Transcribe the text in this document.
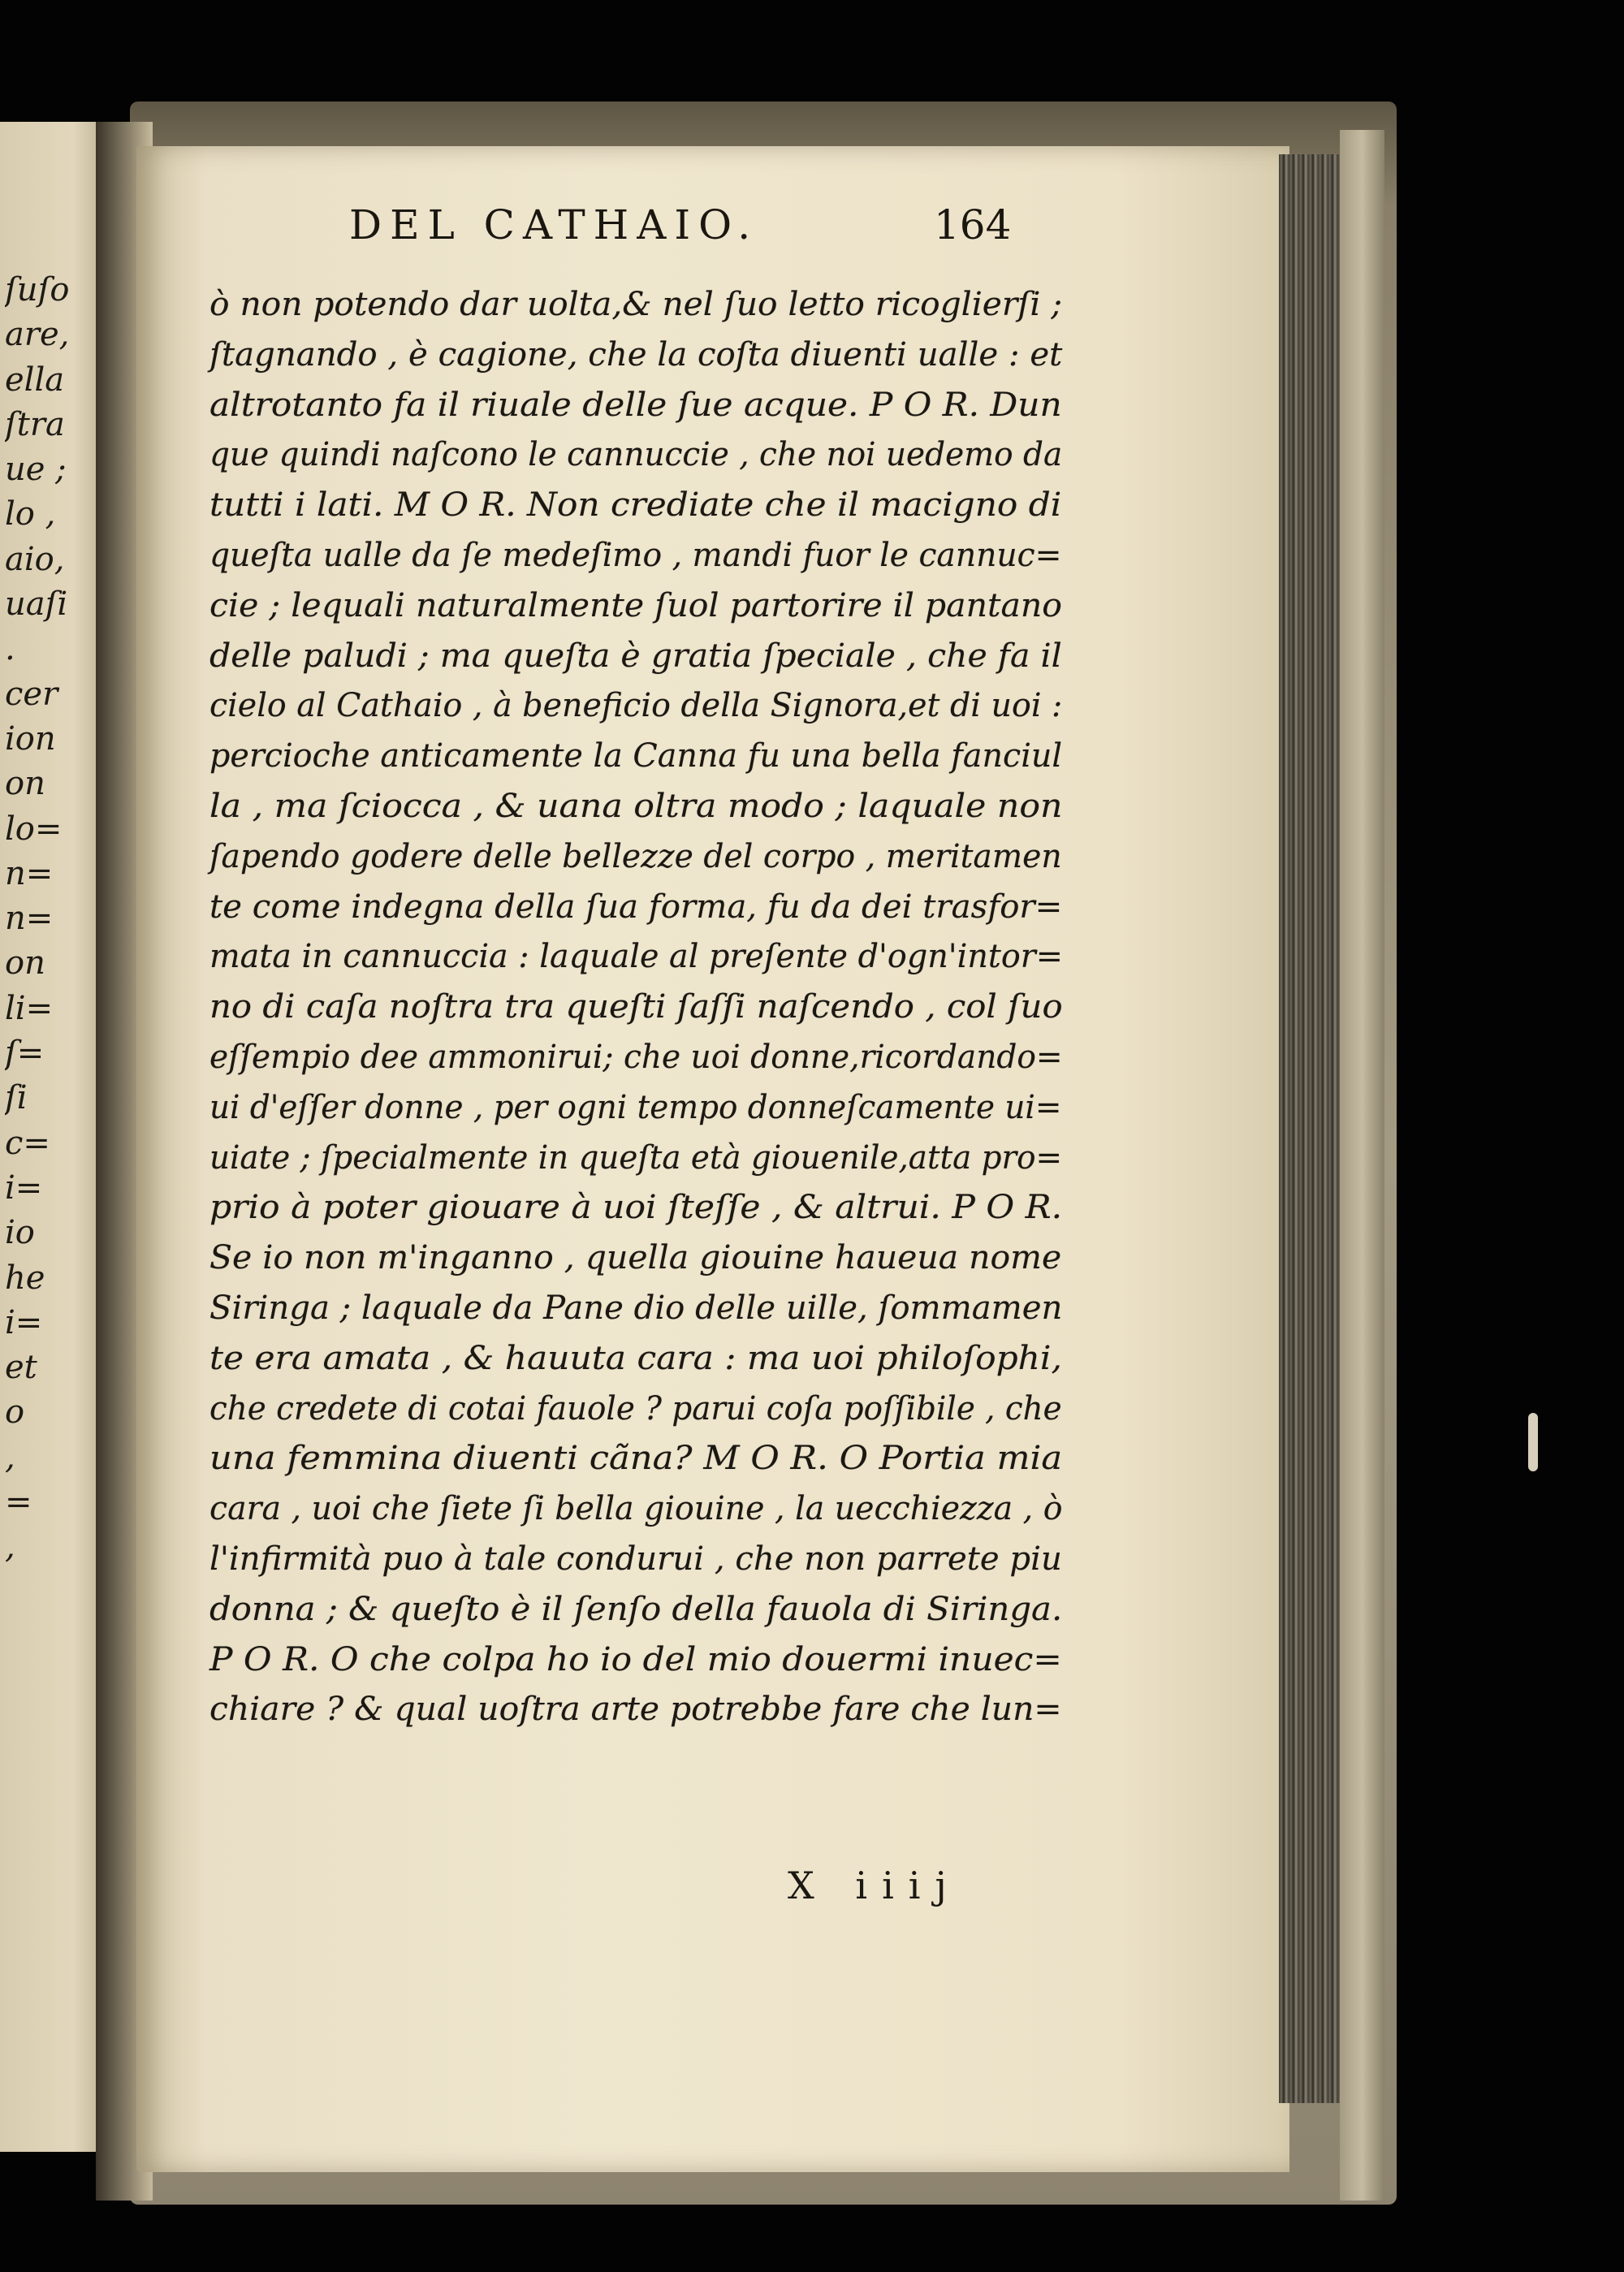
ſuſo
are,
ella
ſtra
ue ;
lo ,
aio,
uaſi
.
cer
ion
on
lo=
n=
n=
on
li=
ſ=
ſi
c=
i=
io
he
i=
et
o
,
=
,
DEL CATHAIO.	164
ò non potendo dar uolta,& nel ſuo letto ricoglierſi ;
ſtagnando , è cagione, che la coſta diuenti ualle : et
altrotanto fa il riuale delle ſue acque. P O R. Dun
que quindi naſcono le cannuccie , che noi uedemo da
tutti i lati. M O R. Non crediate che il macigno di
queſta ualle da ſe medeſimo , mandi fuor le cannuc=
cie ; lequali naturalmente ſuol partorire il pantano
delle paludi ; ma queſta è gratia ſpeciale , che fa il
cielo al Cathaio , à beneficio della Signora,et di uoi :
percioche anticamente la Canna fu una bella fanciul
la , ma ſciocca , & uana oltra modo ; laquale non
ſapendo godere delle bellezze del corpo , meritamen
te come indegna della ſua forma, fu da dei trasfor=
mata in cannuccia : laquale al preſente d'ogn'intor=
no di caſa noſtra tra queſti ſaſſi naſcendo , col ſuo
eſſempio dee ammonirui; che uoi donne,ricordando=
ui d'eſſer donne , per ogni tempo donneſcamente ui=
uiate ; ſpecialmente in queſta età giouenile,atta pro=
prio à poter giouare à uoi ſteſſe , & altrui. P O R.
Se io non m'inganno , quella giouine haueua nome
Siringa ; laquale da Pane dio delle uille, ſommamen
te era amata , & hauuta cara : ma uoi philoſophi,
che credete di cotai fauole ? parui coſa poſſibile , che
una femmina diuenti cãna? M O R. O Portia mia
cara , uoi che ſiete ſi bella giouine , la uecchiezza , ò
l'infirmità puo à tale condurui , che non parrete piu
donna ; & queſto è il ſenſo della fauola di Siringa.
P O R. O che colpa ho io del mio douermi inuec=
chiare ? & qual uoſtra arte potrebbe fare che lun=
X iiij
